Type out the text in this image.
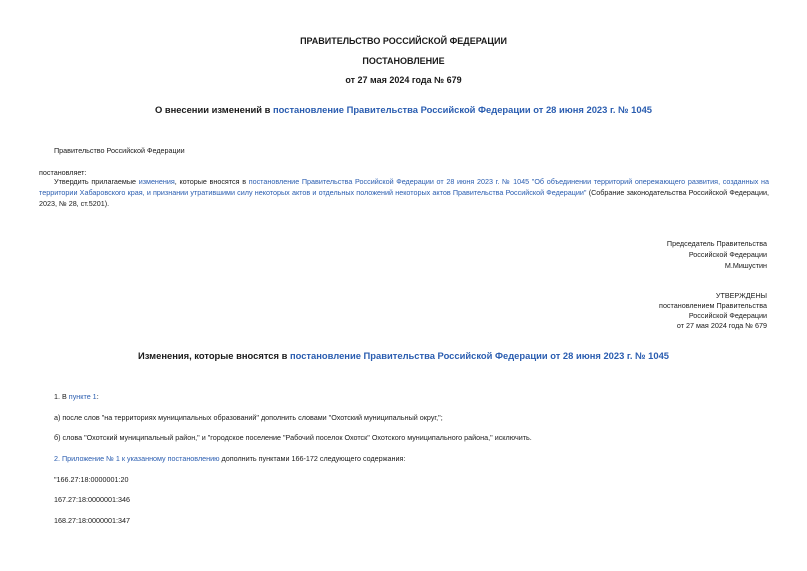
ПРАВИТЕЛЬСТВО РОССИЙСКОЙ ФЕДЕРАЦИИ
ПОСТАНОВЛЕНИЕ
от 27 мая 2024 года № 679
О внесении изменений в постановление Правительства Российской Федерации от 28 июня 2023 г. № 1045
Правительство Российской Федерации
постановляет:
Утвердить прилагаемые изменения, которые вносятся в постановление Правительства Российской Федерации от 28 июня 2023 г. № 1045 "Об объединении территорий опережающего развития, созданных на территории Хабаровского края, и признании утратившими силу некоторых актов и отдельных положений некоторых актов Правительства Российской Федерации" (Собрание законодательства Российской Федерации, 2023, № 28, ст.5201).
Председатель Правительства
Российской Федерации
М.Мишустин
УТВЕРЖДЕНЫ
постановлением Правительства
Российской Федерации
от 27 мая 2024 года № 679
Изменения, которые вносятся в постановление Правительства Российской Федерации от 28 июня 2023 г. № 1045
1. В пункте 1:
а) после слов "на территориях муниципальных образований" дополнить словами "Охотский муниципальный округ,";
б) слова "Охотский муниципальный район," и "городское поселение "Рабочий поселок Охотск" Охотского муниципального района," исключить.
2. Приложение № 1 к указанному постановлению дополнить пунктами 166-172 следующего содержания:
"166.27:18:0000001:20
167.27:18:0000001:346
168.27:18:0000001:347
